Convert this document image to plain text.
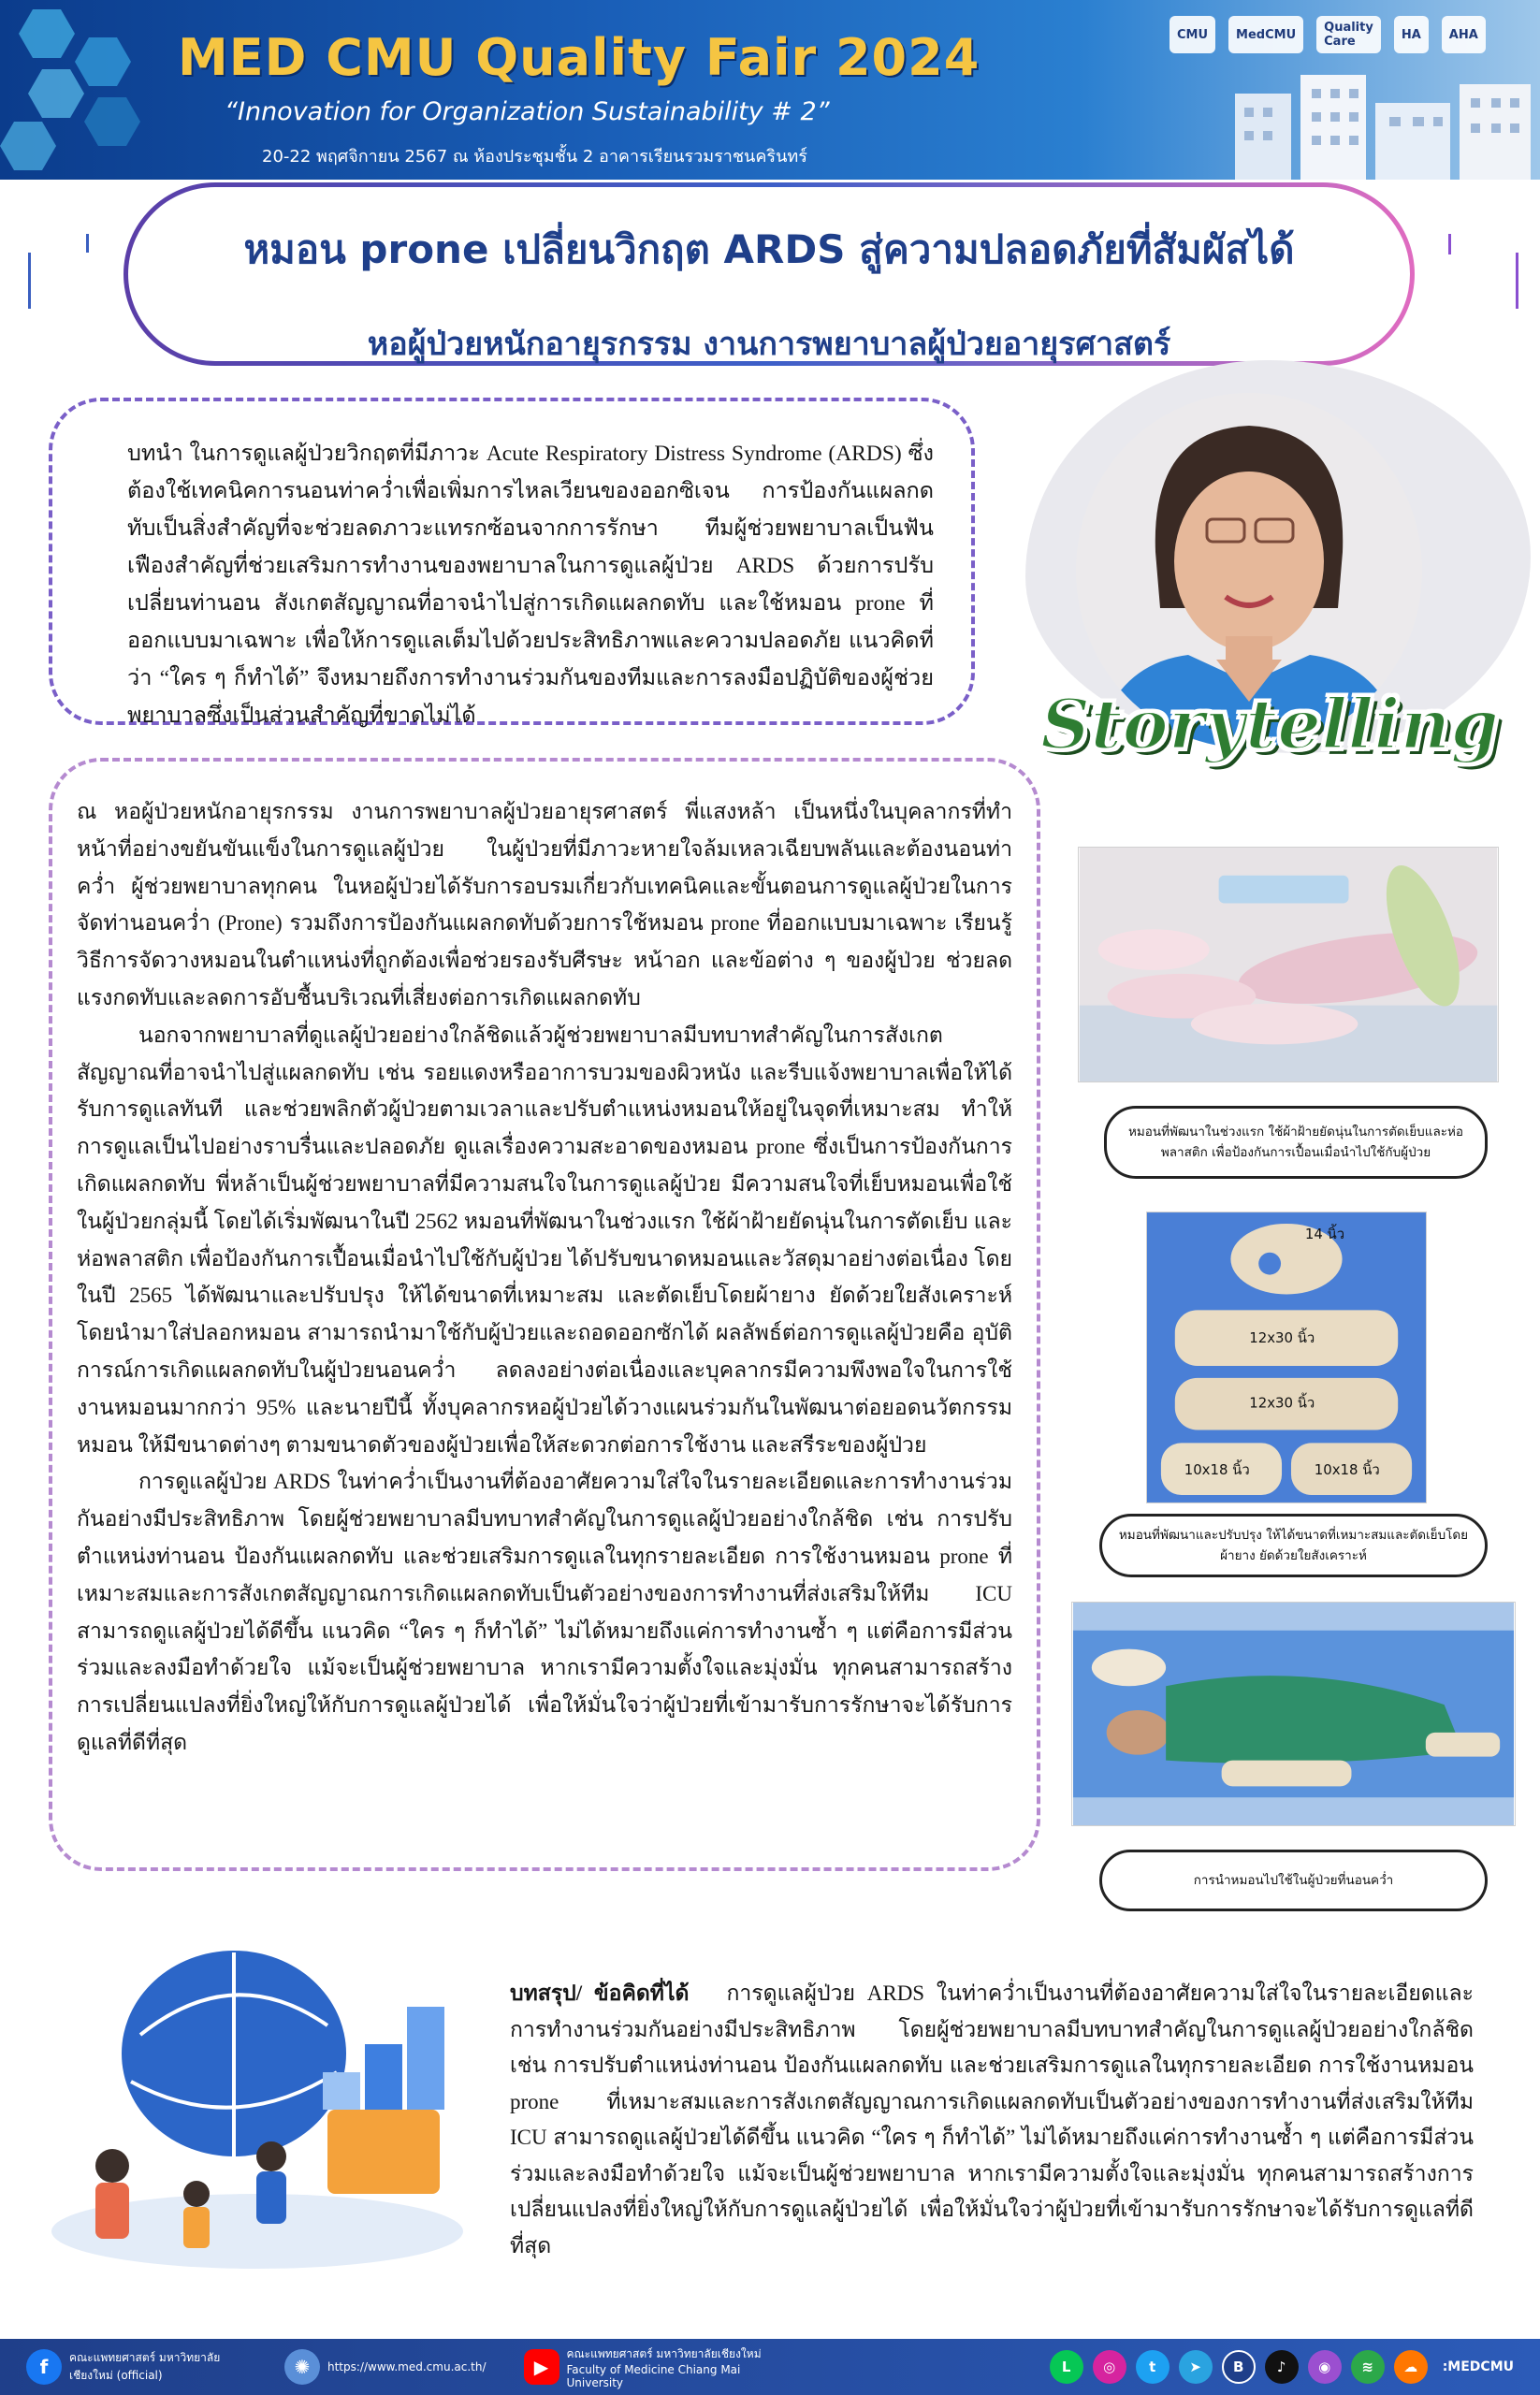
MED CMU Quality Fair 2024
“Innovation for Organization Sustainability # 2”
20-22 พฤศจิกายน 2567 ณ ห้องประชุมชั้น 2 อาคารเรียนรวมราชนครินทร์
CMU	MedCMU	Quality Care	HA	AHA
หมอน prone เปลี่ยนวิกฤต ARDS สู่ความปลอดภัยที่สัมผัสได้
หอผู้ป่วยหนักอายุรกรรม งานการพยาบาลผู้ป่วยอายุรศาสตร์

บทนำ ในการดูแลผู้ป่วยวิกฤตที่มีภาวะ Acute Respiratory Distress Syndrome (ARDS) ซึ่งต้องใช้เทคนิคการนอนท่าคว่ำเพื่อเพิ่มการไหลเวียนของออกซิเจน การป้องกันแผลกดทับเป็นสิ่งสำคัญที่จะช่วยลดภาวะแทรกซ้อนจากการรักษา ทีมผู้ช่วยพยาบาลเป็นฟันเฟืองสำคัญที่ช่วยเสริมการทำงานของพยาบาลในการดูแลผู้ป่วย ARDS ด้วยการปรับเปลี่ยนท่านอน สังเกตสัญญาณที่อาจนำไปสู่การเกิดแผลกดทับ และใช้หมอน prone ที่ออกแบบมาเฉพาะ เพื่อให้การดูแลเต็มไปด้วยประสิทธิภาพและความปลอดภัย แนวคิดที่ว่า “ใคร ๆ ก็ทำได้” จึงหมายถึงการทำงานร่วมกันของทีมและการลงมือปฏิบัติของผู้ช่วยพยาบาลซึ่งเป็นส่วนสำคัญที่ขาดไม่ได้	Storytelling

ณ หอผู้ป่วยหนักอายุรกรรม งานการพยาบาลผู้ป่วยอายุรศาสตร์ พี่แสงหล้า เป็นหนึ่งในบุคลากรที่ทำหน้าที่อย่างขยันขันแข็งในการดูแลผู้ป่วย ในผู้ป่วยที่มีภาวะหายใจล้มเหลวเฉียบพลันและต้องนอนท่าคว่ำ ผู้ช่วยพยาบาลทุกคน ในหอผู้ป่วยได้รับการอบรมเกี่ยวกับเทคนิคและขั้นตอนการดูแลผู้ป่วยในการจัดท่านอนคว่ำ (Prone) รวมถึงการป้องกันแผลกดทับด้วยการใช้หมอน prone ที่ออกแบบมาเฉพาะ เรียนรู้วิธีการจัดวางหมอนในตำแหน่งที่ถูกต้องเพื่อช่วยรองรับศีรษะ หน้าอก และข้อต่าง ๆ ของผู้ป่วย ช่วยลดแรงกดทับและลดการอับชื้นบริเวณที่เสี่ยงต่อการเกิดแผลกดทับ

นอกจากพยาบาลที่ดูแลผู้ป่วยอย่างใกล้ชิดแล้วผู้ช่วยพยาบาลมีบทบาทสำคัญในการสังเกตสัญญาณที่อาจนำไปสู่แผลกดทับ เช่น รอยแดงหรืออาการบวมของผิวหนัง และรีบแจ้งพยาบาลเพื่อให้ได้รับการดูแลทันที และช่วยพลิกตัวผู้ป่วยตามเวลาและปรับตำแหน่งหมอนให้อยู่ในจุดที่เหมาะสม ทำให้การดูแลเป็นไปอย่างราบรื่นและปลอดภัย ดูแลเรื่องความสะอาดของหมอน prone ซึ่งเป็นการป้องกันการเกิดแผลกดทับ พี่หล้าเป็นผู้ช่วยพยาบาลที่มีความสนใจในการดูแลผู้ป่วย มีความสนใจที่เย็บหมอนเพื่อใช้ในผู้ป่วยกลุ่มนี้ โดยได้เริ่มพัฒนาในปี 2562 หมอนที่พัฒนาในช่วงแรก ใช้ผ้าฝ้ายยัดนุ่นในการตัดเย็บ และห่อพลาสติก เพื่อป้องกันการเปื้อนเมื่อนำไปใช้กับผู้ป่วย ได้ปรับขนาดหมอนและวัสดุมาอย่างต่อเนื่อง โดยในปี 2565 ได้พัฒนาและปรับปรุง ให้ได้ขนาดที่เหมาะสม และตัดเย็บโดยผ้ายาง ยัดด้วยใยสังเคราะห์ โดยนำมาใส่ปลอกหมอน สามารถนำมาใช้กับผู้ป่วยและถอดออกซักได้ ผลลัพธ์ต่อการดูแลผู้ป่วยคือ อุบัติการณ์การเกิดแผลกดทับในผู้ป่วยนอนคว่ำ ลดลงอย่างต่อเนื่องและบุคลากรมีความพึงพอใจในการใช้งานหมอนมากกว่า 95% และนายปีนี้ ทั้งบุคลากรหอผู้ป่วยได้วางแผนร่วมกันในพัฒนาต่อยอดนวัตกรรมหมอน ให้มีขนาดต่างๆ ตามขนาดตัวของผู้ป่วยเพื่อให้สะดวกต่อการใช้งาน และสรีระของผู้ป่วย

การดูแลผู้ป่วย ARDS ในท่าคว่ำเป็นงานที่ต้องอาศัยความใส่ใจในรายละเอียดและการทำงานร่วมกันอย่างมีประสิทธิภาพ โดยผู้ช่วยพยาบาลมีบทบาทสำคัญในการดูแลผู้ป่วยอย่างใกล้ชิด เช่น การปรับตำแหน่งท่านอน ป้องกันแผลกดทับ และช่วยเสริมการดูแลในทุกรายละเอียด การใช้งานหมอน prone ที่เหมาะสมและการสังเกตสัญญาณการเกิดแผลกดทับเป็นตัวอย่างของการทำงานที่ส่งเสริมให้ทีม ICU สามารถดูแลผู้ป่วยได้ดีขึ้น แนวคิด “ใคร ๆ ก็ทำได้” ไม่ได้หมายถึงแค่การทำงานซ้ำ ๆ แต่คือการมีส่วนร่วมและลงมือทำด้วยใจ แม้จะเป็นผู้ช่วยพยาบาล หากเรามีความตั้งใจและมุ่งมั่น ทุกคนสามารถสร้างการเปลี่ยนแปลงที่ยิ่งใหญ่ให้กับการดูแลผู้ป่วยได้ เพื่อให้มั่นใจว่าผู้ป่วยที่เข้ามารับการรักษาจะได้รับการดูแลที่ดีที่สุด

หมอนที่พัฒนาในช่วงแรก ใช้ผ้าฝ้ายยัดนุ่นในการตัดเย็บและห่อพลาสติก เพื่อป้องกันการเปื้อนเมื่อนำไปใช้กับผู้ป่วย
14 นิ้ว
12x30 นิ้ว
12x30 นิ้ว
10x18 นิ้ว	10x18 นิ้ว
หมอนที่พัฒนาและปรับปรุง ให้ได้ขนาดที่เหมาะสมและตัดเย็บโดยผ้ายาง ยัดด้วยใยสังเคราะห์
การนำหมอนไปใช้ในผู้ป่วยที่นอนคว่ำ

บทสรุป/ ข้อคิดที่ได้ การดูแลผู้ป่วย ARDS ในท่าคว่ำเป็นงานที่ต้องอาศัยความใส่ใจในรายละเอียดและการทำงานร่วมกันอย่างมีประสิทธิภาพ โดยผู้ช่วยพยาบาลมีบทบาทสำคัญในการดูแลผู้ป่วยอย่างใกล้ชิด เช่น การปรับตำแหน่งท่านอน ป้องกันแผลกดทับ และช่วยเสริมการดูแลในทุกรายละเอียด การใช้งานหมอน prone ที่เหมาะสมและการสังเกตสัญญาณการเกิดแผลกดทับเป็นตัวอย่างของการทำงานที่ส่งเสริมให้ทีม ICU สามารถดูแลผู้ป่วยได้ดีขึ้น แนวคิด “ใคร ๆ ก็ทำได้” ไม่ได้หมายถึงแค่การทำงานซ้ำ ๆ แต่คือการมีส่วนร่วมและลงมือทำด้วยใจ แม้จะเป็นผู้ช่วยพยาบาล หากเรามีความตั้งใจและมุ่งมั่น ทุกคนสามารถสร้างการเปลี่ยนแปลงที่ยิ่งใหญ่ให้กับการดูแลผู้ป่วยได้ เพื่อให้มั่นใจว่าผู้ป่วยที่เข้ามารับการรักษาจะได้รับการดูแลที่ดีที่สุด

f	คณะแพทยศาสตร์ มหาวิทยาลัยเชียงใหม่ (official)	✺	https://www.med.cmu.ac.th/	▶
คณะแพทยศาสตร์ มหาวิทยาลัยเชียงใหม่ Faculty of Medicine Chiang Mai University
L	◎	t	➤	B	♪	◉	≋	☁	:MEDCMU
